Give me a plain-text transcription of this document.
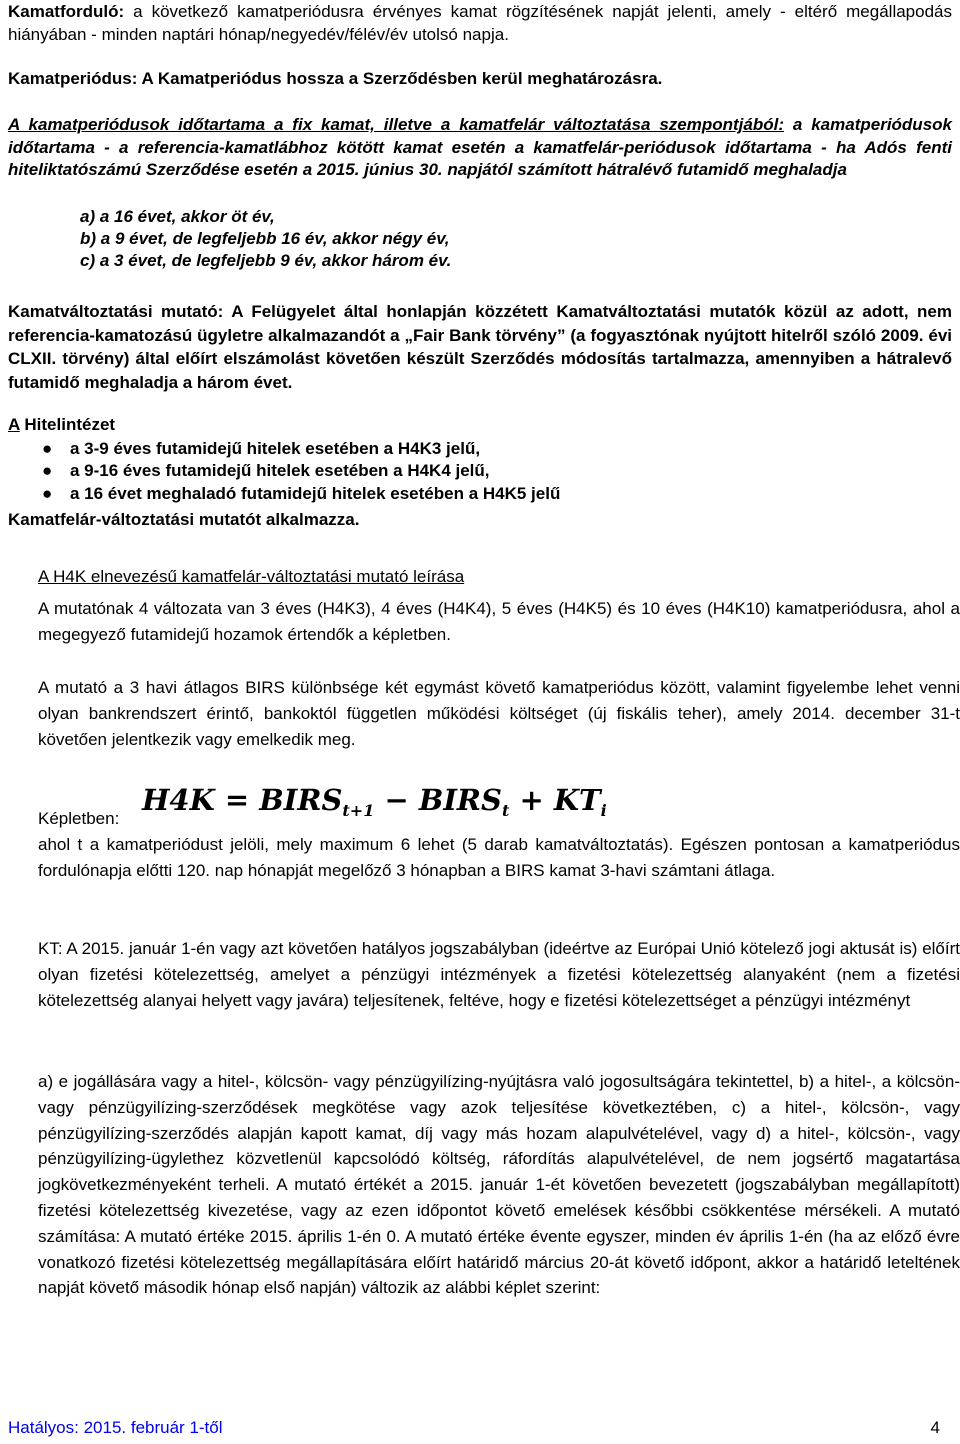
Kamatforduló: a következő kamatperiódusra érvényes kamat rögzítésének napját jelenti, amely - eltérő megállapodás hiányában - minden naptári hónap/negyedév/félév/év utolsó napja.

Kamatperiódus: A Kamatperiódus hossza a Szerződésben kerül meghatározásra.

A kamatperiódusok időtartama a fix kamat, illetve a kamatfelár változtatása szempontjából: a kamatperiódusok időtartama - a referencia-kamatlábhoz kötött kamat esetén a kamatfelár-periódusok időtartama - ha Adós fenti hiteliktatószámú Szerződése esetén a 2015. június 30. napjától számított hátralévő futamidő meghaladja

a) a 16 évet, akkor öt év,
b) a 9 évet, de legfeljebb 16 év, akkor négy év,
c) a 3 évet, de legfeljebb 9 év, akkor három év.

Kamatváltoztatási mutató: A Felügyelet által honlapján közzétett Kamatváltoztatási mutatók közül az adott, nem referencia-kamatozású ügyletre alkalmazandót a „Fair Bank törvény” (a fogyasztónak nyújtott hitelről szóló 2009. évi CLXII. törvény) által előírt elszámolást követően készült Szerződés módosítás tartalmazza, amennyiben a hátralevő futamidő meghaladja a három évet.

A Hitelintézet

● a 3-9 éves futamidejű hitelek esetében a H4K3 jelű,
● a 9-16 éves futamidejű hitelek esetében a H4K4 jelű,
● a 16 évet meghaladó futamidejű hitelek esetében a H4K5 jelű

Kamatfelár-változtatási mutatót alkalmazza.

A H4K elnevezésű kamatfelár-változtatási mutató leírása

A mutatónak 4 változata van 3 éves (H4K3), 4 éves (H4K4), 5 éves (H4K5) és 10 éves (H4K10) kamatperiódusra, ahol a megegyező futamidejű hozamok értendők a képletben.

A mutató a 3 havi átlagos BIRS különbsége két egymást követő kamatperiódus között, valamint figyelembe lehet venni olyan bankrendszert érintő, bankoktól független működési költséget (új fiskális teher), amely 2014. december 31-t követően jelentkezik vagy emelkedik meg.

Képletben:

$H4K = BIRS_{t+1}$ − $BIRS_t + KT_i$

ahol t a kamatperiódust jelöli, mely maximum 6 lehet (5 darab kamatváltoztatás). Egészen pontosan a kamatperiódus fordulónapja előtti 120. nap hónapját megelőző 3 hónapban a BIRS kamat 3-havi számtani átlaga.

KT: A 2015. január 1-én vagy azt követően hatályos jogszabályban (ideértve az Európai Unió kötelező jogi aktusát is) előírt olyan fizetési kötelezettség, amelyet a pénzügyi intézmények a fizetési kötelezettség alanyaként (nem a fizetési kötelezettség alanyai helyett vagy javára) teljesítenek, feltéve, hogy e fizetési kötelezettséget a pénzügyi intézményt

a) e jogállására vagy a hitel-, kölcsön- vagy pénzügyilízing-nyújtásra való jogosultságára tekintettel, b) a hitel-, a kölcsön- vagy pénzügyilízing-szerződések megkötése vagy azok teljesítése következtében, c) a hitel-, kölcsön-, vagy pénzügyilízing-szerződés alapján kapott kamat, díj vagy más hozam alapulvételével, vagy d) a hitel-, kölcsön-, vagy pénzügyilízing-ügylethez közvetlenül kapcsolódó költség, ráfordítás alapulvételével, de nem jogsértő magatartása jogkövetkezményeként terheli. A mutató értékét a 2015. január 1-ét követően bevezetett (jogszabályban megállapított) fizetési kötelezettség kivezetése, vagy az ezen időpontot követő emelések későbbi csökkentése mérsékeli. A mutató számítása: A mutató értéke 2015. április 1-én 0. A mutató értéke évente egyszer, minden év április 1-én (ha az előző évre vonatkozó fizetési kötelezettség megállapítására előírt határidő március 20-át követő időpont, akkor a határidő leteltének napját követő második hónap első napján) változik az alábbi képlet szerint:

Hatályos: 2015. február 1-től	4
